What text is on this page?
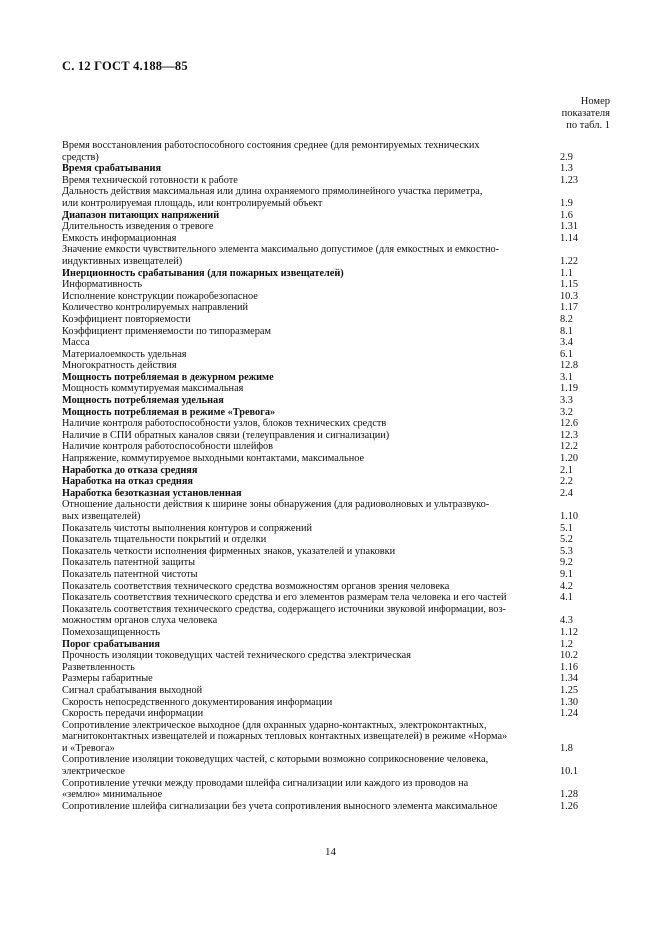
С. 12 ГОСТ 4.188—85
Номер
показателя
по табл. 1
Время восстановления работоспособного состояния среднее (для ремонтируемых технических
средств)	2.9
Время срабатывания	1.3
Время технической готовности к работе	1.23
Дальность действия максимальная или длина охраняемого прямолинейного участка периметра,
или контролируемая площадь, или контролируемый объект	1.9
Диапазон питающих напряжений	1.6
Длительность изведения о тревоге	1.31
Емкость информационная	1.14
Значение емкости чувствительного элемента максимально допустимое (для емкостных и емкостно-
индуктивных извещателей)	1.22
Инерционность срабатывания (для пожарных извещателей)	1.1
Информативность	1.15
Исполнение конструкции пожаробезопасное	10.3
Количество контролируемых направлений	1.17
Коэффициент повторяемости	8.2
Коэффициент применяемости по типоразмерам	8.1
Масса	3.4
Материалоемкость удельная	6.1
Многократность действия	12.8
Мощность потребляемая в дежурном режиме	3.1
Мощность коммутируемая максимальная	1.19
Мощность потребляемая удельная	3.3
Мощность потребляемая в режиме «Тревога»	3.2
Наличие контроля работоспособности узлов, блоков технических средств	12.6
Наличие в СПИ обратных каналов связи (телеуправления и сигнализации)	12.3
Наличие контроля работоспособности шлейфов	12.2
Напряжение, коммутируемое выходными контактами, максимальное	1.20
Наработка до отказа средняя	2.1
Наработка на отказ средняя	2.2
Наработка безотказная установленная	2.4
Отношение дальности действия к ширине зоны обнаружения (для радиоволновых и ультразвуко-
вых извещателей)	1.10
Показатель чистоты выполнения контуров и сопряжений	5.1
Показатель тщательности покрытий и отделки	5.2
Показатель четкости исполнения фирменных знаков, указателей и упаковки	5.3
Показатель патентной защиты	9.2
Показатель патентной чистоты	9.1
Показатель соответствия технического средства возможностям органов зрения человека	4.2
Показатель соответствия технического средства и его элементов размерам тела человека и его частей	4.1
Показатель соответствия технического средства, содержащего источники звуковой информации, воз-
можностям органов слуха человека	4.3
Помехозащищенность	1.12
Порог срабатывания	1.2
Прочность изоляции токоведущих частей технического средства электрическая	10.2
Разветвленность	1.16
Размеры габаритные	1.34
Сигнал срабатывания выходной	1.25
Скорость непосредственного документирования информации	1.30
Скорость передачи информации	1.24
Сопротивление электрическое выходное (для охранных ударно-контактных, электроконтактных,
магнитоконтактных извещателей и пожарных тепловых контактных извещателей) в режиме «Норма»
и «Тревога»	1.8
Сопротивление изоляции токоведущих частей, с которыми возможно соприкосновение человека,
электрическое	10.1
Сопротивление утечки между проводами шлейфа сигнализации или каждого из проводов на
«землю» минимальное	1.28
Сопротивление шлейфа сигнализации без учета сопротивления выносного элемента максимальное	1.26
14
